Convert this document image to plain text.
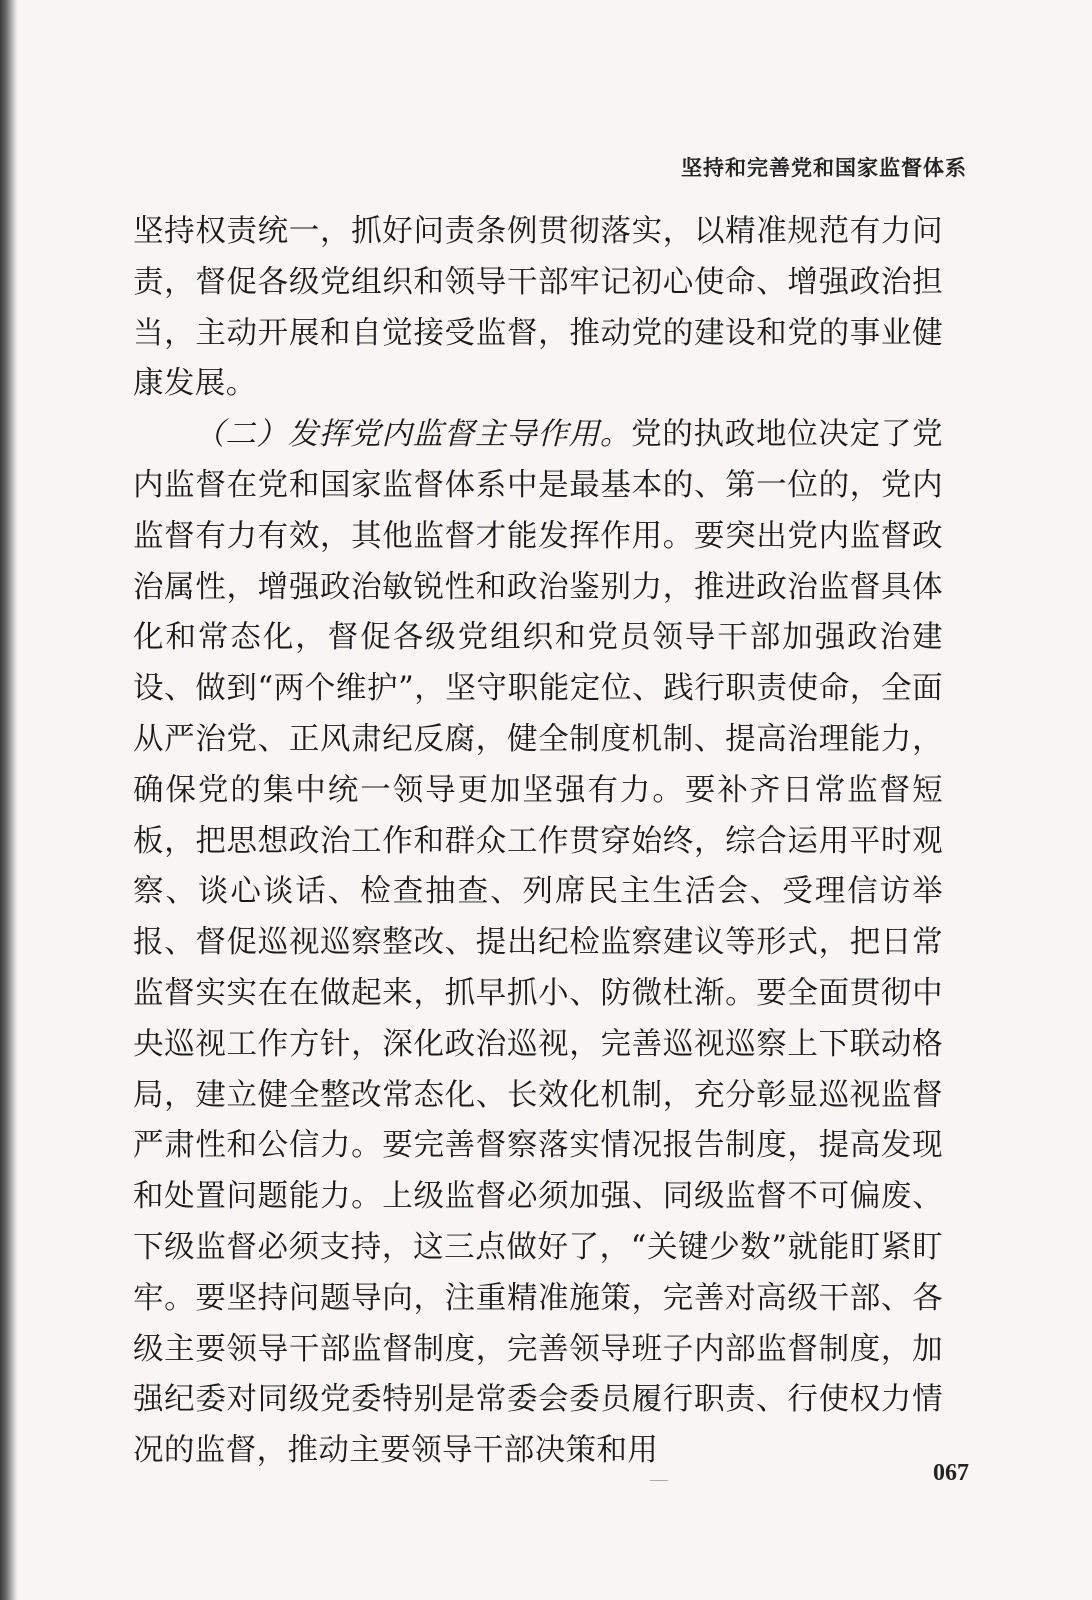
坚持和完善党和国家监督体系

坚持权责统一，抓好问责条例贯彻落实，以精准规范有力问责，督促各级党组织和领导干部牢记初心使命、增强政治担当，主动开展和自觉接受监督，推动党的建设和党的事业健康发展。

（二）发挥党内监督主导作用。党的执政地位决定了党内监督在党和国家监督体系中是最基本的、第一位的，党内监督有力有效，其他监督才能发挥作用。要突出党内监督政治属性，增强政治敏锐性和政治鉴别力，推进政治监督具体化和常态化，督促各级党组织和党员领导干部加强政治建设、做到“两个维护”，坚守职能定位、践行职责使命，全面从严治党、正风肃纪反腐，健全制度机制、提高治理能力，确保党的集中统一领导更加坚强有力。要补齐日常监督短板，把思想政治工作和群众工作贯穿始终，综合运用平时观察、谈心谈话、检查抽查、列席民主生活会、受理信访举报、督促巡视巡察整改、提出纪检监察建议等形式，把日常监督实实在在做起来，抓早抓小、防微杜渐。要全面贯彻中央巡视工作方针，深化政治巡视，完善巡视巡察上下联动格局，建立健全整改常态化、长效化机制，充分彰显巡视监督严肃性和公信力。要完善督察落实情况报告制度，提高发现和处置问题能力。上级监督必须加强、同级监督不可偏废、下级监督必须支持，这三点做好了，“关键少数”就能盯紧盯牢。要坚持问题导向，注重精准施策，完善对高级干部、各级主要领导干部监督制度，完善领导班子内部监督制度，加强纪委对同级党委特别是常委会委员履行职责、行使权力情况的监督，推动主要领导干部决策和用

067
